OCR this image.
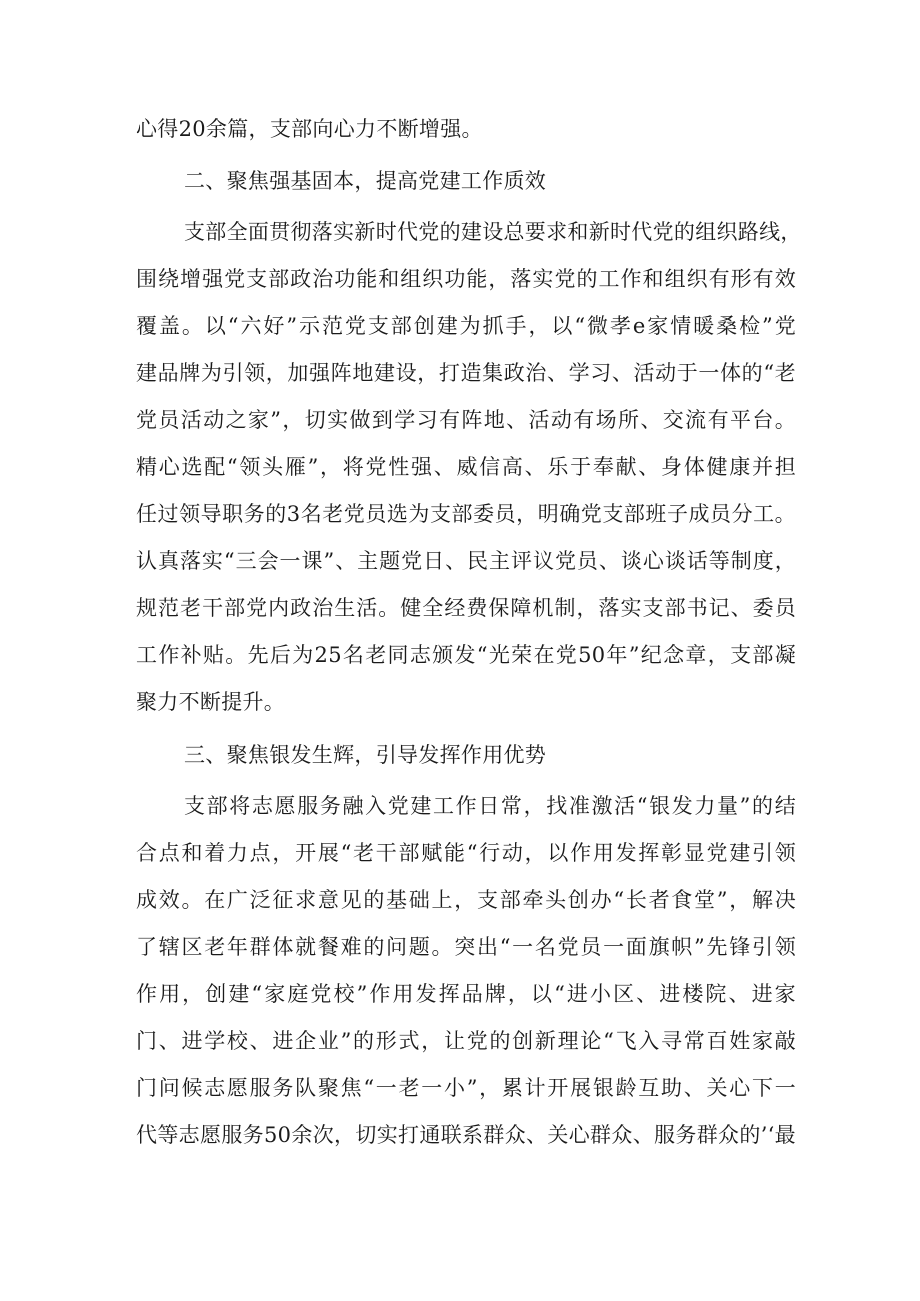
心得20余篇，支部向心力不断增强。
二、聚焦强基固本，提高党建工作质效
支部全面贯彻落实新时代党的建设总要求和新时代党的组织路线，
围绕增强党支部政治功能和组织功能，落实党的工作和组织有形有效
覆盖。以“六好”示范党支部创建为抓手，以“微孝e家情暖桑检”党
建品牌为引领，加强阵地建设，打造集政治、学习、活动于一体的“老
党员活动之家”，切实做到学习有阵地、活动有场所、交流有平台。
精心选配“领头雁”，将党性强、威信高、乐于奉献、身体健康并担
任过领导职务的3名老党员选为支部委员，明确党支部班子成员分工。
认真落实“三会一课”、主题党日、民主评议党员、谈心谈话等制度，
规范老干部党内政治生活。健全经费保障机制，落实支部书记、委员
工作补贴。先后为25名老同志颁发“光荣在党50年”纪念章，支部凝
聚力不断提升。
三、聚焦银发生辉，引导发挥作用优势
支部将志愿服务融入党建工作日常，找准激活“银发力量”的结
合点和着力点，开展“老干部赋能“行动，以作用发挥彰显党建引领
成效。在广泛征求意见的基础上，支部牵头创办“长者食堂”，解决
了辖区老年群体就餐难的问题。突出“一名党员一面旗帜”先锋引领
作用，创建“家庭党校”作用发挥品牌，以“进小区、进楼院、进家
门、进学校、进企业”的形式，让党的创新理论“飞入寻常百姓家敲
门问候志愿服务队聚焦“一老一小”，累计开展银龄互助、关心下一
代等志愿服务50余次，切实打通联系群众、关心群众、服务群众的’‘最
